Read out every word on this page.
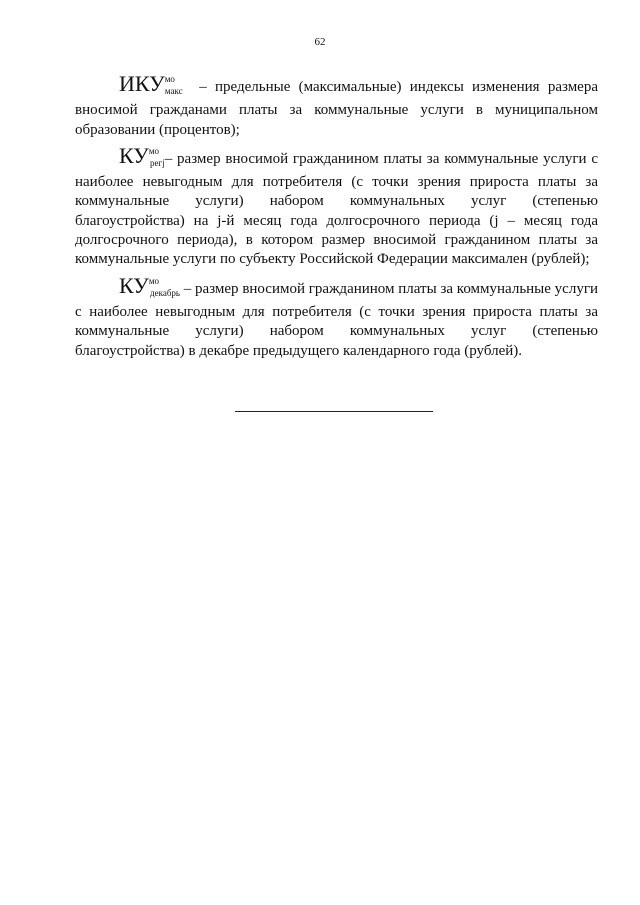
62

$ИКУ^{мо}_{макс}$ – предельные (максимальные) индексы изменения размера вносимой гражданами платы за коммунальные услуги в муниципальном образовании (процентов);

$КУ^{мо}_{регj}-$ размер вносимой гражданином платы за коммунальные услуги с наиболее невыгодным для потребителя (с точки зрения прироста платы за коммунальные услуги) набором коммунальных услуг (степенью благоустройства) на j-й месяц года долгосрочного периода (j – месяц года долгосрочного периода), в котором размер вносимой гражданином платы за коммунальные услуги по субъекту Российской Федерации максимален (рублей);

$КУ^{мо}_{декабрь}$ – размер вносимой гражданином платы за коммунальные услуги с наиболее невыгодным для потребителя (с точки зрения прироста платы за коммунальные услуги) набором коммунальных услуг (степенью благоустройства) в декабре предыдущего календарного года (рублей).
